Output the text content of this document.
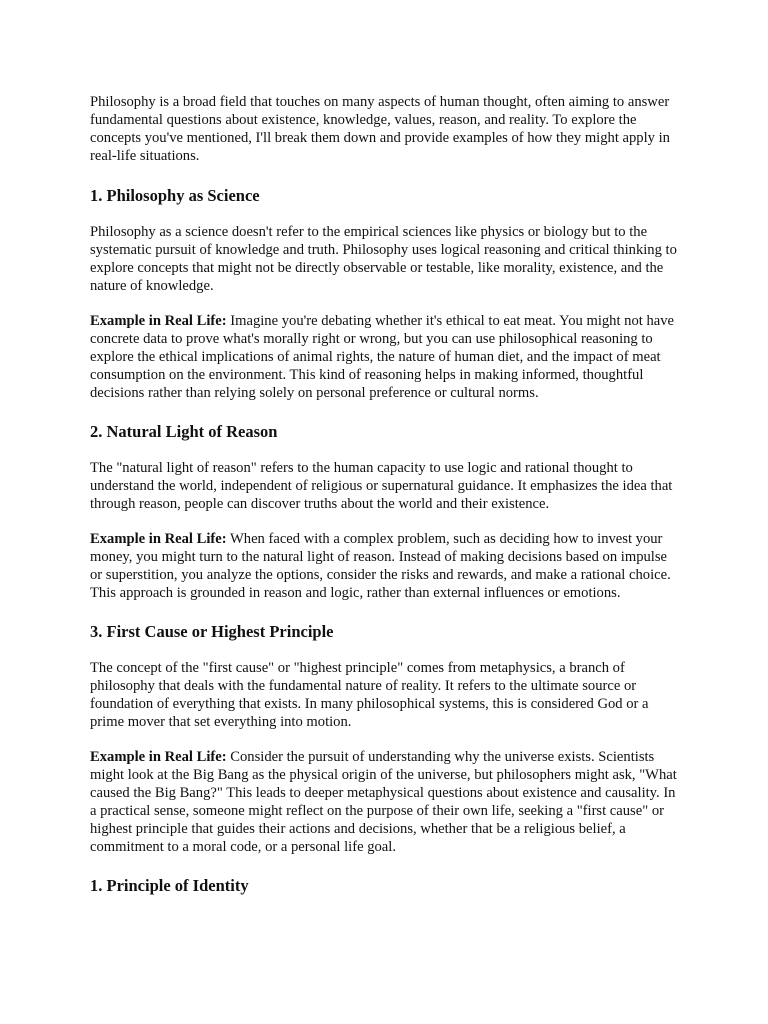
Philosophy is a broad field that touches on many aspects of human thought, often aiming to answer fundamental questions about existence, knowledge, values, reason, and reality. To explore the concepts you've mentioned, I'll break them down and provide examples of how they might apply in real-life situations.

1. Philosophy as Science

Philosophy as a science doesn't refer to the empirical sciences like physics or biology but to the systematic pursuit of knowledge and truth. Philosophy uses logical reasoning and critical thinking to explore concepts that might not be directly observable or testable, like morality, existence, and the nature of knowledge.

Example in Real Life: Imagine you're debating whether it's ethical to eat meat. You might not have concrete data to prove what's morally right or wrong, but you can use philosophical reasoning to explore the ethical implications of animal rights, the nature of human diet, and the impact of meat consumption on the environment. This kind of reasoning helps in making informed, thoughtful decisions rather than relying solely on personal preference or cultural norms.

2. Natural Light of Reason

The "natural light of reason" refers to the human capacity to use logic and rational thought to understand the world, independent of religious or supernatural guidance. It emphasizes the idea that through reason, people can discover truths about the world and their existence.

Example in Real Life: When faced with a complex problem, such as deciding how to invest your money, you might turn to the natural light of reason. Instead of making decisions based on impulse or superstition, you analyze the options, consider the risks and rewards, and make a rational choice. This approach is grounded in reason and logic, rather than external influences or emotions.

3. First Cause or Highest Principle

The concept of the "first cause" or "highest principle" comes from metaphysics, a branch of philosophy that deals with the fundamental nature of reality. It refers to the ultimate source or foundation of everything that exists. In many philosophical systems, this is considered God or a prime mover that set everything into motion.

Example in Real Life: Consider the pursuit of understanding why the universe exists. Scientists might look at the Big Bang as the physical origin of the universe, but philosophers might ask, "What caused the Big Bang?" This leads to deeper metaphysical questions about existence and causality. In a practical sense, someone might reflect on the purpose of their own life, seeking a "first cause" or highest principle that guides their actions and decisions, whether that be a religious belief, a commitment to a moral code, or a personal life goal.

1. Principle of Identity
